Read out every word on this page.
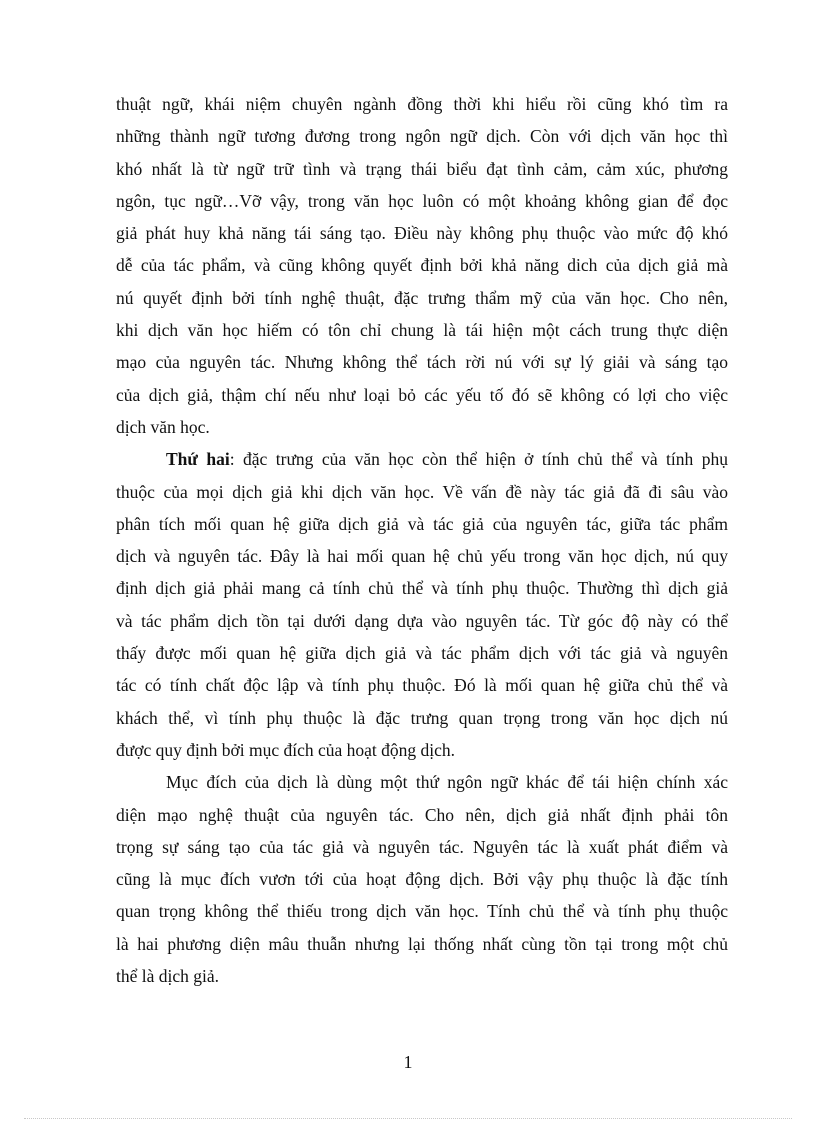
thuật ngữ, khái niệm chuyên ngành đồng thời khi hiểu rồi cũng khó tìm ra
những thành ngữ tương đương trong ngôn ngữ dịch. Còn với dịch văn học thì
khó nhất là từ ngữ trữ tình và trạng thái biểu đạt tình cảm, cảm xúc, phương
ngôn, tục ngữ…Vỡ vậy, trong văn học luôn có một khoảng không gian để đọc
giả phát huy khả năng tái sáng tạo. Điều này không phụ thuộc vào mức độ khó
dễ của tác phẩm, và cũng không quyết định bởi khả năng dich của dịch giả mà
nú quyết định bởi tính nghệ thuật, đặc trưng thẩm mỹ của văn học. Cho nên,
khi dịch văn học hiếm có tôn chỉ chung là tái hiện một cách trung thực diện
mạo của nguyên tác. Nhưng không thể tách rời nú với sự lý giải và sáng tạo
của dịch giả, thậm chí nếu như loại bỏ các yếu tố đó sẽ không có lợi cho việc
dịch văn học.
Thứ hai: đặc trưng của văn học còn thể hiện ở tính chủ thể và tính phụ
thuộc của mọi dịch giả khi dịch văn học. Về vấn đề này tác giả đã đi sâu vào
phân tích mối quan hệ giữa dịch giả và tác giả của nguyên tác, giữa tác phẩm
dịch và nguyên tác. Đây là hai mối quan hệ chủ yếu trong văn học dịch, nú quy
định dịch giả phải mang cả tính chủ thể và tính phụ thuộc. Thường thì dịch giả
và tác phẩm dịch tồn tại dưới dạng dựa vào nguyên tác. Từ góc độ này có thể
thấy được mối quan hệ giữa dịch giả và tác phẩm dịch với tác giả và nguyên
tác có tính chất độc lập và tính phụ thuộc. Đó là mối quan hệ giữa chủ thể và
khách thể, vì tính phụ thuộc là đặc trưng quan trọng trong văn học dịch nú
được quy định bởi mục đích của hoạt động dịch.
Mục đích của dịch là dùng một thứ ngôn ngữ khác để tái hiện chính xác
diện mạo nghệ thuật của nguyên tác. Cho nên, dịch giả nhất định phải tôn
trọng sự sáng tạo của tác giả và nguyên tác. Nguyên tác là xuất phát điểm và
cũng là mục đích vươn tới của hoạt động dịch. Bởi vậy phụ thuộc là đặc tính
quan trọng không thể thiếu trong dịch văn học. Tính chủ thể và tính phụ thuộc
là hai phương diện mâu thuẫn nhưng lại thống nhất cùng tồn tại trong một chủ
thể là dịch giả.
1
